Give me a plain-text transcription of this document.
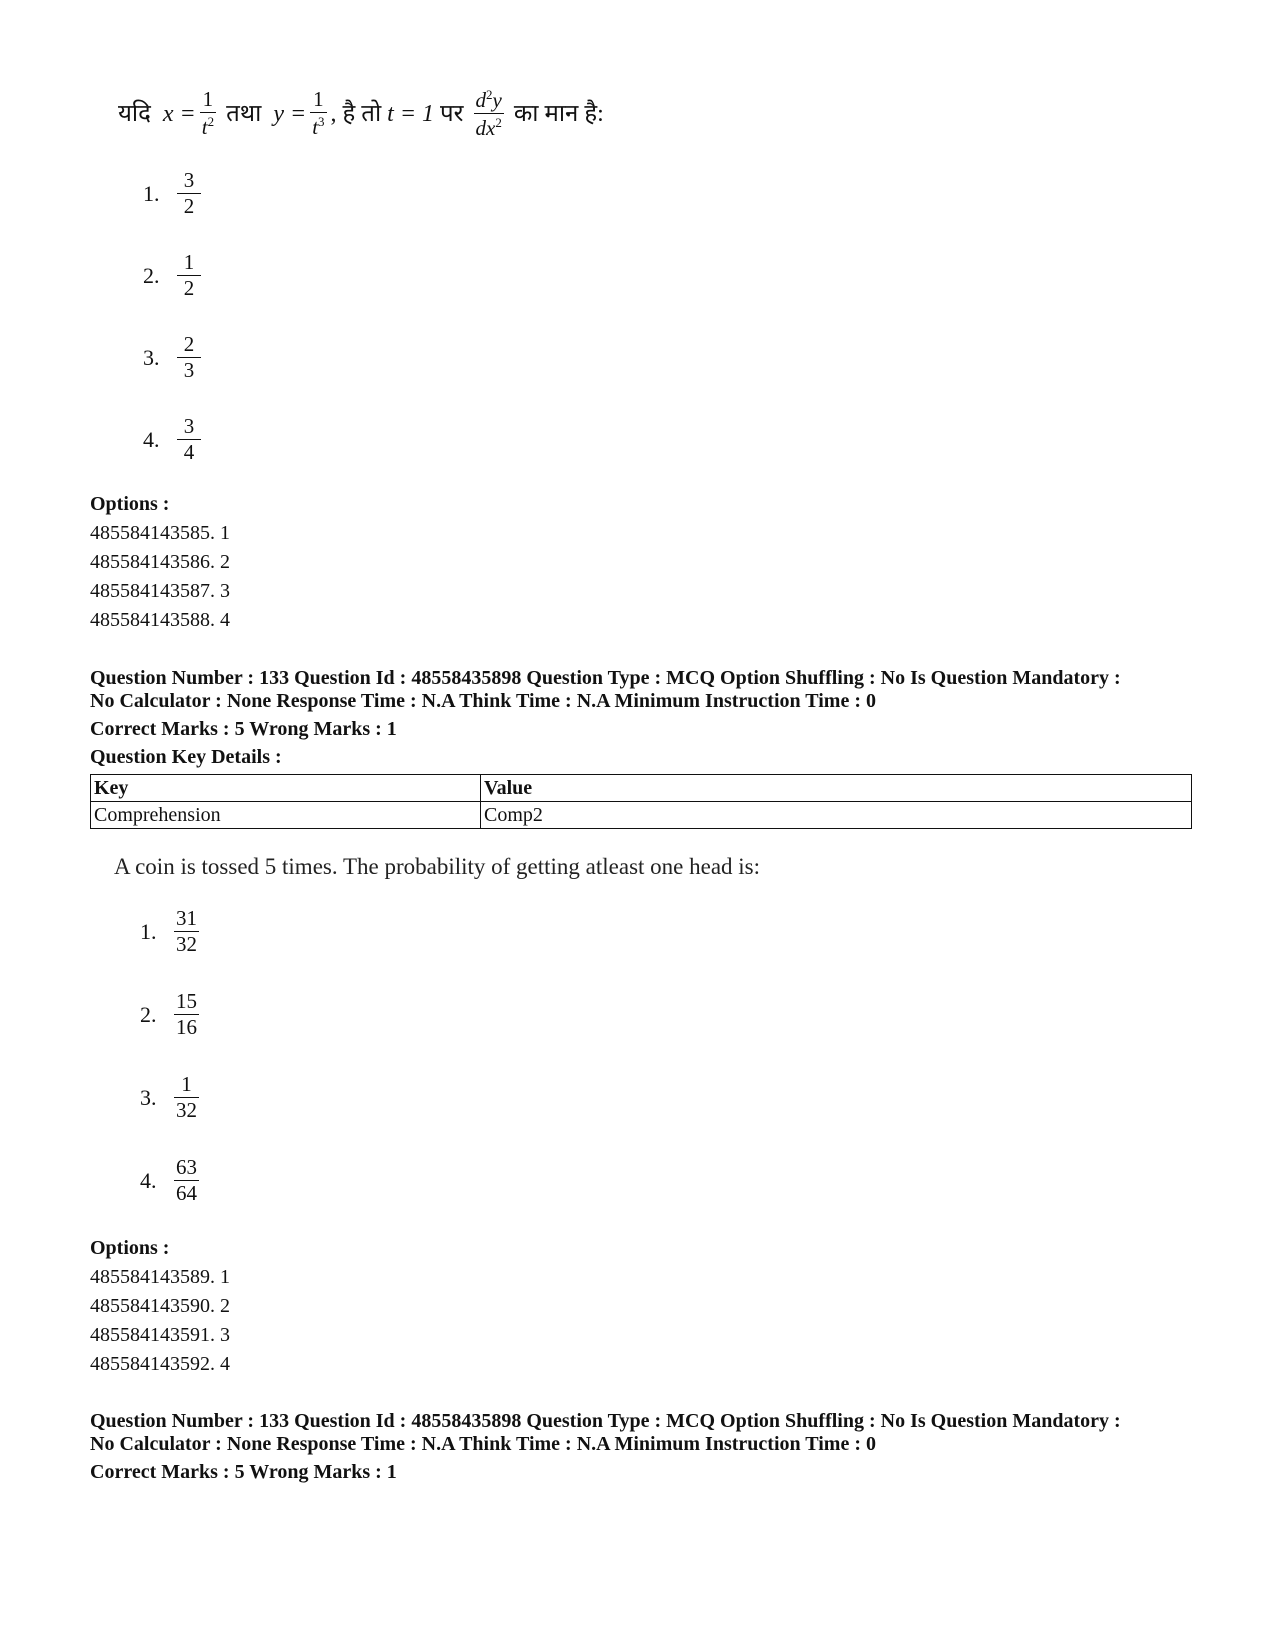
यदि
$x = \frac{1}{t^2}$
तथा
$y = \frac{1}{t^3}$ , है तो
t = 1
पर
$\frac{d^2y}{dx^2}$
का मान है:
1. $\frac{3}{2}$
2. $\frac{1}{2}$
3. $\frac{2}{3}$
4. $\frac{3}{4}$
Options :
485584143585. 1
485584143586. 2
485584143587. 3
485584143588. 4
Question Number : 133 Question Id : 48558435898 Question Type : MCQ Option Shuffling : No Is Question Mandatory :
No Calculator : None Response Time : N.A Think Time : N.A Minimum Instruction Time : 0
Correct Marks : 5 Wrong Marks : 1
Question Key Details :
Key	Value
Comprehension	Comp2
A coin is tossed 5 times. The probability of getting atleast one head is:
1. $\frac{31}{32}$
2. $\frac{15}{16}$
3. $\frac{1}{32}$
4. $\frac{63}{64}$
Options :
485584143589. 1
485584143590. 2
485584143591. 3
485584143592. 4
Question Number : 133 Question Id : 48558435898 Question Type : MCQ Option Shuffling : No Is Question Mandatory :
No Calculator : None Response Time : N.A Think Time : N.A Minimum Instruction Time : 0
Correct Marks : 5 Wrong Marks : 1
